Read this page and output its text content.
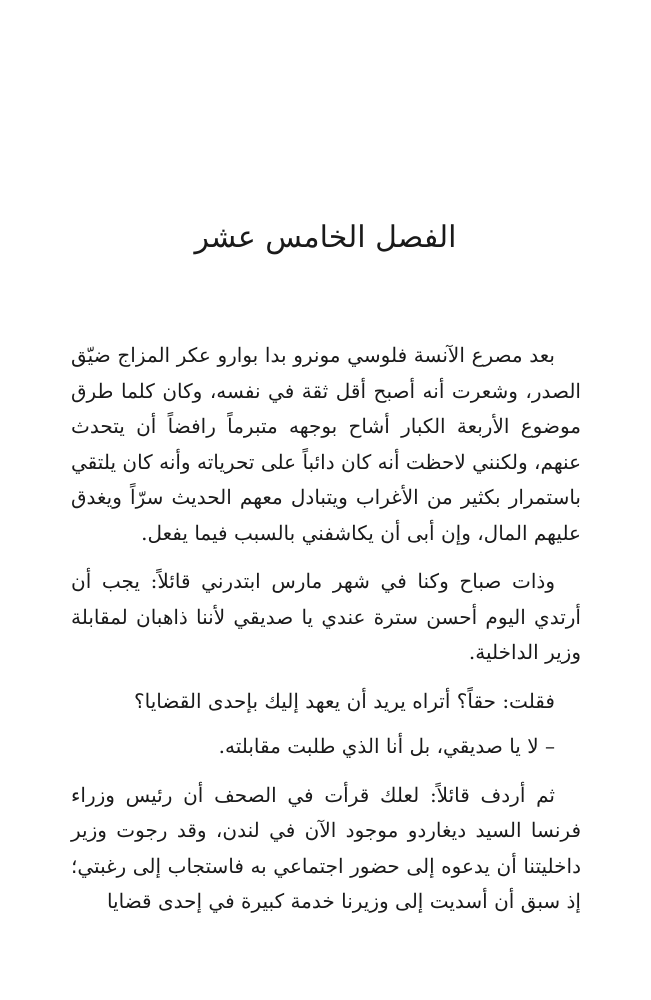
الفصل الخامس عشر

بعد مصرع الآنسة فلوسي مونرو بدا بوارو عكر المزاج ضيّق الصدر، وشعرت أنه أصبح أقل ثقة في نفسه، وكان كلما طرق موضوع الأربعة الكبار أشاح بوجهه متبرماً رافضاً أن يتحدث عنهم، ولكنني لاحظت أنه كان دائباً على تحرياته وأنه كان يلتقي باستمرار بكثير من الأغراب ويتبادل معهم الحديث سرّاً ويغدق عليهم المال، وإن أبى أن يكاشفني بالسبب فيما يفعل.

وذات صباح وكنا في شهر مارس ابتدرني قائلاً: يجب أن أرتدي اليوم أحسن سترة عندي يا صديقي لأننا ذاهبان لمقابلة وزير الداخلية.

فقلت: حقاً؟ أتراه يريد أن يعهد إليك بإحدى القضايا؟

– لا يا صديقي، بل أنا الذي طلبت مقابلته.

ثم أردف قائلاً: لعلك قرأت في الصحف أن رئيس وزراء فرنسا السيد ديغاردو موجود الآن في لندن، وقد رجوت وزير داخليتنا أن يدعوه إلى حضور اجتماعي به فاستجاب إلى رغبتي؛ إذ سبق أن أسديت إلى وزيرنا خدمة كبيرة في إحدى قضايا
